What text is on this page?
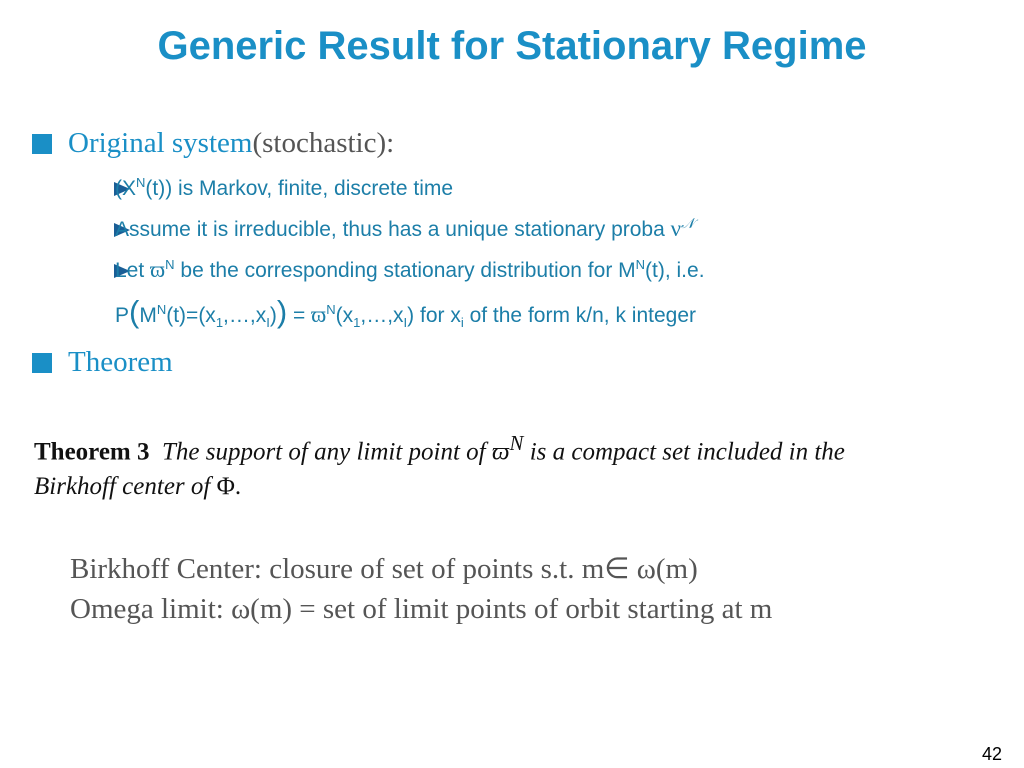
Generic Result for Stationary Regime
Original system (stochastic):
$(X^N(t))$ is Markov, finite, discrete time
Assume it is irreducible, thus has a unique stationary proba $\nu^𝒩$
Let $ϖ^N$ be the corresponding stationary distribution for $M^N(t)$, i.e.
$P(M^N(t)=(x_1,\dots,x_I))$ = $ϖ^N(x_1,\dots,x_I)$ for $x_i$ of the form k/n, k integer
Theorem
Theorem 3 The support of any limit point of $ϖ^N$ is a compact set included in the
Birkhoff center of Φ.
Birkhoff Center: closure of set of points s.t. m∈ ω(m)
Omega limit: ω(m) = set of limit points of orbit starting at m
42
